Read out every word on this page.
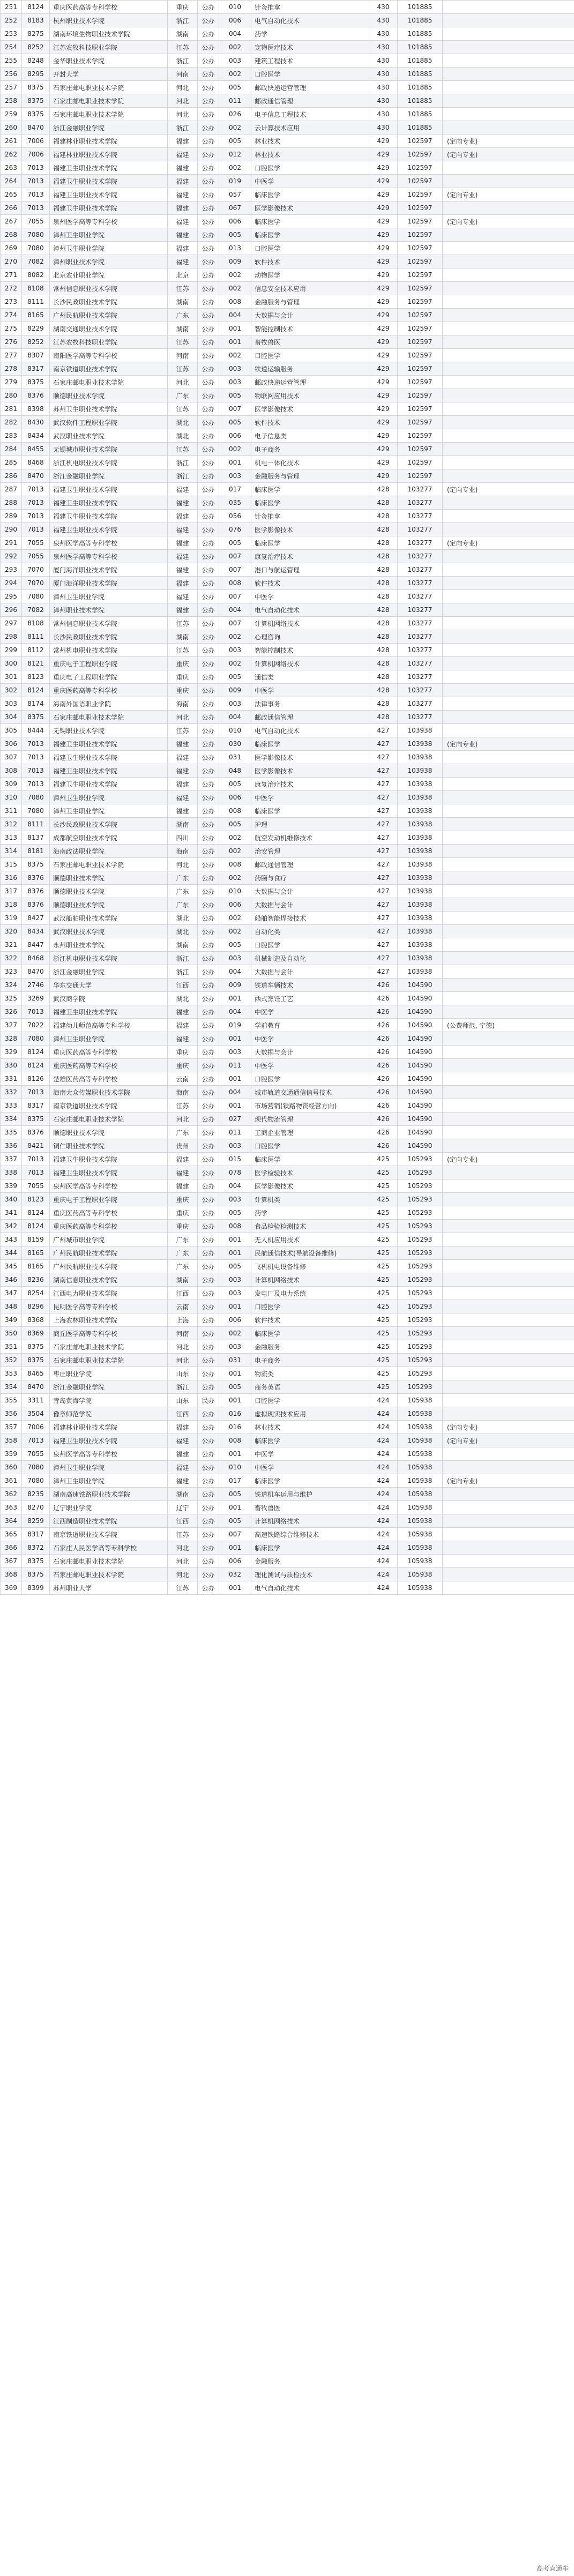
251	8124	重庆医药高等专科学校	重庆	公办	010	针灸推拿	430	101885	
252	8183	杭州职业技术学院	浙江	公办	006	电气自动化技术	430	101885	
253	8275	湖南环境生物职业技术学院	湖南	公办	004	药学	430	101885	
254	8252	江苏农牧科技职业学院	江苏	公办	002	宠物医疗技术	430	101885	
255	8248	金华职业技术学院	浙江	公办	003	建筑工程技术	430	101885	
256	8295	开封大学	河南	公办	002	口腔医学	430	101885	
257	8375	石家庄邮电职业技术学院	河北	公办	005	邮政快递运营管理	430	101885	
258	8375	石家庄邮电职业技术学院	河北	公办	011	邮政通信管理	430	101885	
259	8375	石家庄邮电职业技术学院	河北	公办	026	电子信息工程技术	430	101885	
260	8470	浙江金融职业学院	浙江	公办	002	云计算技术应用	430	101885	
261	7006	福建林业职业技术学院	福建	公办	005	林业技术	429	102597	(定向专业)
262	7006	福建林业职业技术学院	福建	公办	012	林业技术	429	102597	(定向专业)
263	7013	福建卫生职业技术学院	福建	公办	002	口腔医学	429	102597	
264	7013	福建卫生职业技术学院	福建	公办	019	中医学	429	102597	
265	7013	福建卫生职业技术学院	福建	公办	057	临床医学	429	102597	(定向专业)
266	7013	福建卫生职业技术学院	福建	公办	067	医学影像技术	429	102597	
267	7055	泉州医学高等专科学校	福建	公办	006	临床医学	429	102597	(定向专业)
268	7080	漳州卫生职业学院	福建	公办	005	临床医学	429	102597	
269	7080	漳州卫生职业学院	福建	公办	013	口腔医学	429	102597	
270	7082	漳州职业技术学院	福建	公办	009	软件技术	429	102597	
271	8082	北京农业职业学院	北京	公办	002	动物医学	429	102597	
272	8108	常州信息职业技术学院	江苏	公办	002	信息安全技术应用	429	102597	
273	8111	长沙民政职业技术学院	湖南	公办	008	金融服务与管理	429	102597	
274	8165	广州民航职业技术学院	广东	公办	004	大数据与会计	429	102597	
275	8229	湖南交通职业技术学院	湖南	公办	001	智能控制技术	429	102597	
276	8252	江苏农牧科技职业学院	江苏	公办	001	畜牧兽医	429	102597	
277	8307	南阳医学高等专科学校	河南	公办	002	口腔医学	429	102597	
278	8317	南京铁道职业技术学院	江苏	公办	003	铁道运输服务	429	102597	
279	8375	石家庄邮电职业技术学院	河北	公办	003	邮政快递运营管理	429	102597	
280	8376	顺德职业技术学院	广东	公办	005	物联网应用技术	429	102597	
281	8398	苏州卫生职业技术学院	江苏	公办	007	医学影像技术	429	102597	
282	8430	武汉软件工程职业学院	湖北	公办	005	软件技术	429	102597	
283	8434	武汉职业技术学院	湖北	公办	006	电子信息类	429	102597	
284	8455	无锡城市职业技术学院	江苏	公办	002	电子商务	429	102597	
285	8468	浙江机电职业技术学院	浙江	公办	001	机电一体化技术	429	102597	
286	8470	浙江金融职业学院	浙江	公办	003	金融服务与管理	429	102597	
287	7013	福建卫生职业技术学院	福建	公办	017	临床医学	428	103277	(定向专业)
288	7013	福建卫生职业技术学院	福建	公办	035	临床医学	428	103277	
289	7013	福建卫生职业技术学院	福建	公办	056	针灸推拿	428	103277	
290	7013	福建卫生职业技术学院	福建	公办	076	医学影像技术	428	103277	
291	7055	泉州医学高等专科学校	福建	公办	005	临床医学	428	103277	(定向专业)
292	7055	泉州医学高等专科学校	福建	公办	007	康复治疗技术	428	103277	
293	7070	厦门海洋职业技术学院	福建	公办	007	港口与航运管理	428	103277	
294	7070	厦门海洋职业技术学院	福建	公办	008	软件技术	428	103277	
295	7080	漳州卫生职业学院	福建	公办	007	中医学	428	103277	
296	7082	漳州职业技术学院	福建	公办	004	电气自动化技术	428	103277	
297	8108	常州信息职业技术学院	江苏	公办	007	计算机网络技术	428	103277	
298	8111	长沙民政职业技术学院	湖南	公办	002	心理咨询	428	103277	
299	8112	常州机电职业技术学院	江苏	公办	003	智能控制技术	428	103277	
300	8121	重庆电子工程职业学院	重庆	公办	002	计算机网络技术	428	103277	
301	8123	重庆电子工程职业学院	重庆	公办	005	通信类	428	103277	
302	8124	重庆医药高等专科学校	重庆	公办	009	中医学	428	103277	
303	8174	海南外国语职业学院	海南	公办	003	法律事务	428	103277	
304	8375	石家庄邮电职业技术学院	河北	公办	004	邮政通信管理	428	103277	
305	8444	无锡职业技术学院	江苏	公办	010	电气自动化技术	427	103938	
306	7013	福建卫生职业技术学院	福建	公办	030	临床医学	427	103938	(定向专业)
307	7013	福建卫生职业技术学院	福建	公办	031	医学影像技术	427	103938	
308	7013	福建卫生职业技术学院	福建	公办	048	医学影像技术	427	103938	
309	7013	福建卫生职业技术学院	福建	公办	005	康复治疗技术	427	103938	
310	7080	漳州卫生职业学院	福建	公办	006	中医学	427	103938	
311	7080	漳州卫生职业学院	福建	公办	008	临床医学	427	103938	
312	8111	长沙民政职业技术学院	湖南	公办	005	护理	427	103938	
313	8137	成都航空职业技术学院	四川	公办	002	航空发动机维修技术	427	103938	
314	8181	海南政法职业学院	海南	公办	002	治安管理	427	103938	
315	8375	石家庄邮电职业技术学院	河北	公办	008	邮政通信管理	427	103938	
316	8376	顺德职业技术学院	广东	公办	002	药膳与食疗	427	103938	
317	8376	顺德职业技术学院	广东	公办	010	大数据与会计	427	103938	
318	8376	顺德职业技术学院	广东	公办	006	大数据与会计	427	103938	
319	8427	武汉船舶职业技术学院	湖北	公办	002	船舶智能焊接技术	427	103938	
320	8434	武汉职业技术学院	湖北	公办	002	自动化类	427	103938	
321	8447	永州职业技术学院	湖南	公办	005	口腔医学	427	103938	
322	8468	浙江机电职业技术学院	浙江	公办	003	机械制造及自动化	427	103938	
323	8470	浙江金融职业学院	浙江	公办	004	大数据与会计	427	103938	
324	2746	华东交通大学	江西	公办	009	铁道车辆技术	426	104590	
325	3269	武汉商学院	湖北	公办	001	西式烹饪工艺	426	104590	
326	7013	福建卫生职业技术学院	福建	公办	004	中医学	426	104590	
327	7022	福建幼儿师范高等专科学校	福建	公办	019	学前教育	426	104590	(公费师范, 宁德)
328	7080	漳州卫生职业学院	福建	公办	001	中医学	426	104590	
329	8124	重庆医药高等专科学校	重庆	公办	003	大数据与会计	426	104590	
330	8124	重庆医药高等专科学校	重庆	公办	011	中医学	426	104590	
331	8126	楚雄医药高等专科学校	云南	公办	001	口腔医学	426	104590	
332	7013	海南大众传媒职业技术学院	海南	公办	004	城市轨道交通通信信号技术	426	104590	
333	8317	南京铁道职业技术学院	江苏	公办	001	市场营销(铁路物资经营方向)	426	104590	
334	8375	石家庄邮电职业技术学院	河北	公办	027	现代物流管理	426	104590	
335	8376	顺德职业技术学院	广东	公办	011	工商企业管理	426	104590	
336	8421	铜仁职业技术学院	贵州	公办	003	口腔医学	426	104590	
337	7013	福建卫生职业技术学院	福建	公办	015	临床医学	425	105293	(定向专业)
338	7013	福建卫生职业技术学院	福建	公办	078	医学检验技术	425	105293	
339	7055	泉州医学高等专科学校	福建	公办	004	医学影像技术	425	105293	
340	8123	重庆电子工程职业学院	重庆	公办	003	计算机类	425	105293	
341	8124	重庆医药高等专科学校	重庆	公办	005	药学	425	105293	
342	8124	重庆医药高等专科学校	重庆	公办	008	食品检验检测技术	425	105293	
343	8159	广州城市职业学院	广东	公办	001	无人机应用技术	425	105293	
344	8165	广州民航职业技术学院	广东	公办	001	民航通信技术(导航设备维修)	425	105293	
345	8165	广州民航职业技术学院	广东	公办	005	飞机机电设备维修	425	105293	
346	8236	湖南信息职业技术学院	湖南	公办	003	计算机网络技术	425	105293	
347	8254	江西电力职业技术学院	江西	公办	003	发电厂及电力系统	425	105293	
348	8296	昆明医学高等专科学校	云南	公办	001	口腔医学	425	105293	
349	8368	上海农林职业技术学院	上海	公办	006	软件技术	425	105293	
350	8369	商丘医学高等专科学校	河南	公办	002	临床医学	425	105293	
351	8375	石家庄邮电职业技术学院	河北	公办	003	金融服务	425	105293	
352	8375	石家庄邮电职业技术学院	河北	公办	031	电子商务	425	105293	
353	8465	枣庄职业学院	山东	公办	001	物流类	425	105293	
354	8470	浙江金融职业学院	浙江	公办	005	商务英语	425	105293	
355	3311	青岛黄海学院	山东	民办	001	口腔医学	424	105938	
356	3504	豫章师范学院	江西	公办	016	虚拟现实技术应用	424	105938	
357	7006	福建林业职业技术学院	福建	公办	016	林业技术	424	105938	(定向专业)
358	7013	福建卫生职业技术学院	福建	公办	008	临床医学	424	105938	(定向专业)
359	7055	泉州医学高等专科学校	福建	公办	001	中医学	424	105938	
360	7080	漳州卫生职业学院	福建	公办	010	中医学	424	105938	
361	7080	漳州卫生职业学院	福建	公办	017	临床医学	424	105938	(定向专业)
362	8235	湖南高速铁路职业技术学院	湖南	公办	005	铁道机车运用与维护	424	105938	
363	8270	辽宁职业学院	辽宁	公办	001	畜牧兽医	424	105938	
364	8259	江西制造职业技术学院	江西	公办	005	计算机网络技术	424	105938	
365	8317	南京铁道职业技术学院	江苏	公办	007	高速铁路综合维修技术	424	105938	
366	8372	石家庄人民医学高等专科学校	河北	公办	001	临床医学	424	105938	
367	8375	石家庄邮电职业技术学院	河北	公办	006	金融服务	424	105938	
368	8375	石家庄邮电职业技术学院	河北	公办	032	理化测试与质检技术	424	105938	
369	8399	苏州职业大学	江苏	公办	001	电气自动化技术	424	105938	
高考直通车
